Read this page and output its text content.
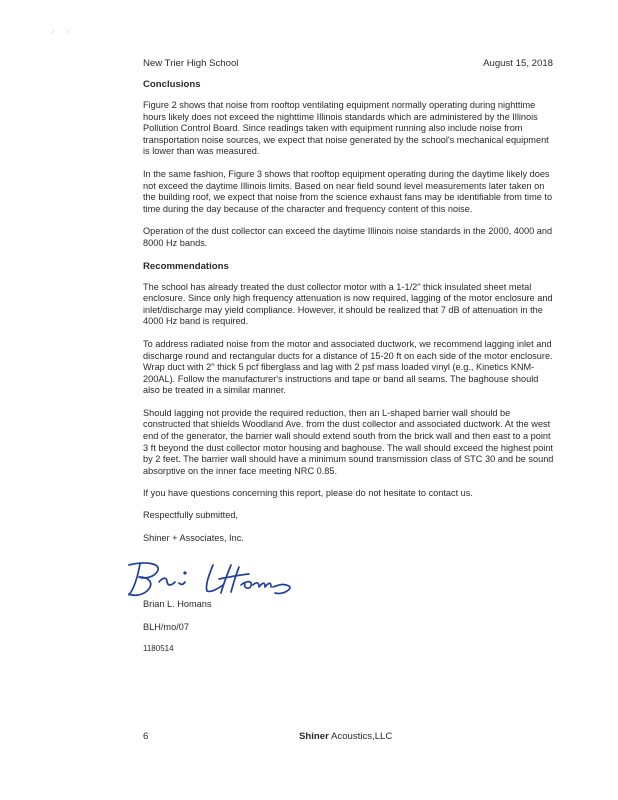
New Trier High School	August 15, 2018
Conclusions

Figure 2 shows that noise from rooftop ventilating equipment normally operating during nighttime hours likely does not exceed the nighttime Illinois standards which are administered by the Illinois Pollution Control Board. Since readings taken with equipment running also include noise from transportation noise sources, we expect that noise generated by the school's mechanical equipment is lower than was measured.

In the same fashion, Figure 3 shows that rooftop equipment operating during the daytime likely does not exceed the daytime Illinois limits. Based on near field sound level measurements later taken on the building roof, we expect that noise from the science exhaust fans may be identifiable from time to time during the day because of the character and frequency content of this noise.

Operation of the dust collector can exceed the daytime Illinois noise standards in the 2000, 4000 and 8000 Hz bands.

Recommendations

The school has already treated the dust collector motor with a 1-1/2" thick insulated sheet metal enclosure. Since only high frequency attenuation is now required, lagging of the motor enclosure and inlet/discharge may yield compliance. However, it should be realized that 7 dB of attenuation in the 4000 Hz band is required.

To address radiated noise from the motor and associated ductwork, we recommend lagging inlet and discharge round and rectangular ducts for a distance of 15-20 ft on each side of the motor enclosure. Wrap duct with 2" thick 5 pcf fiberglass and lag with 2 psf mass loaded vinyl (e.g., Kinetics KNM-200AL). Follow the manufacturer's instructions and tape or band all seams. The baghouse should also be treated in a similar manner.

Should lagging not provide the required reduction, then an L-shaped barrier wall should be constructed that shields Woodland Ave. from the dust collector and associated ductwork. At the west end of the generator, the barrier wall should extend south from the brick wall and then east to a point 3 ft beyond the dust collector motor housing and baghouse. The wall should exceed the highest point by 2 feet. The barrier wall should have a minimum sound transmission class of STC 30 and be sound absorptive on the inner face meeting NRC 0.85.

If you have questions concerning this report, please do not hesitate to contact us.

Respectfully submitted,

Shiner + Associates, Inc.

Brian L. Homans

BLH/mo/07

1180514

6	Shiner Acoustics,LLC
